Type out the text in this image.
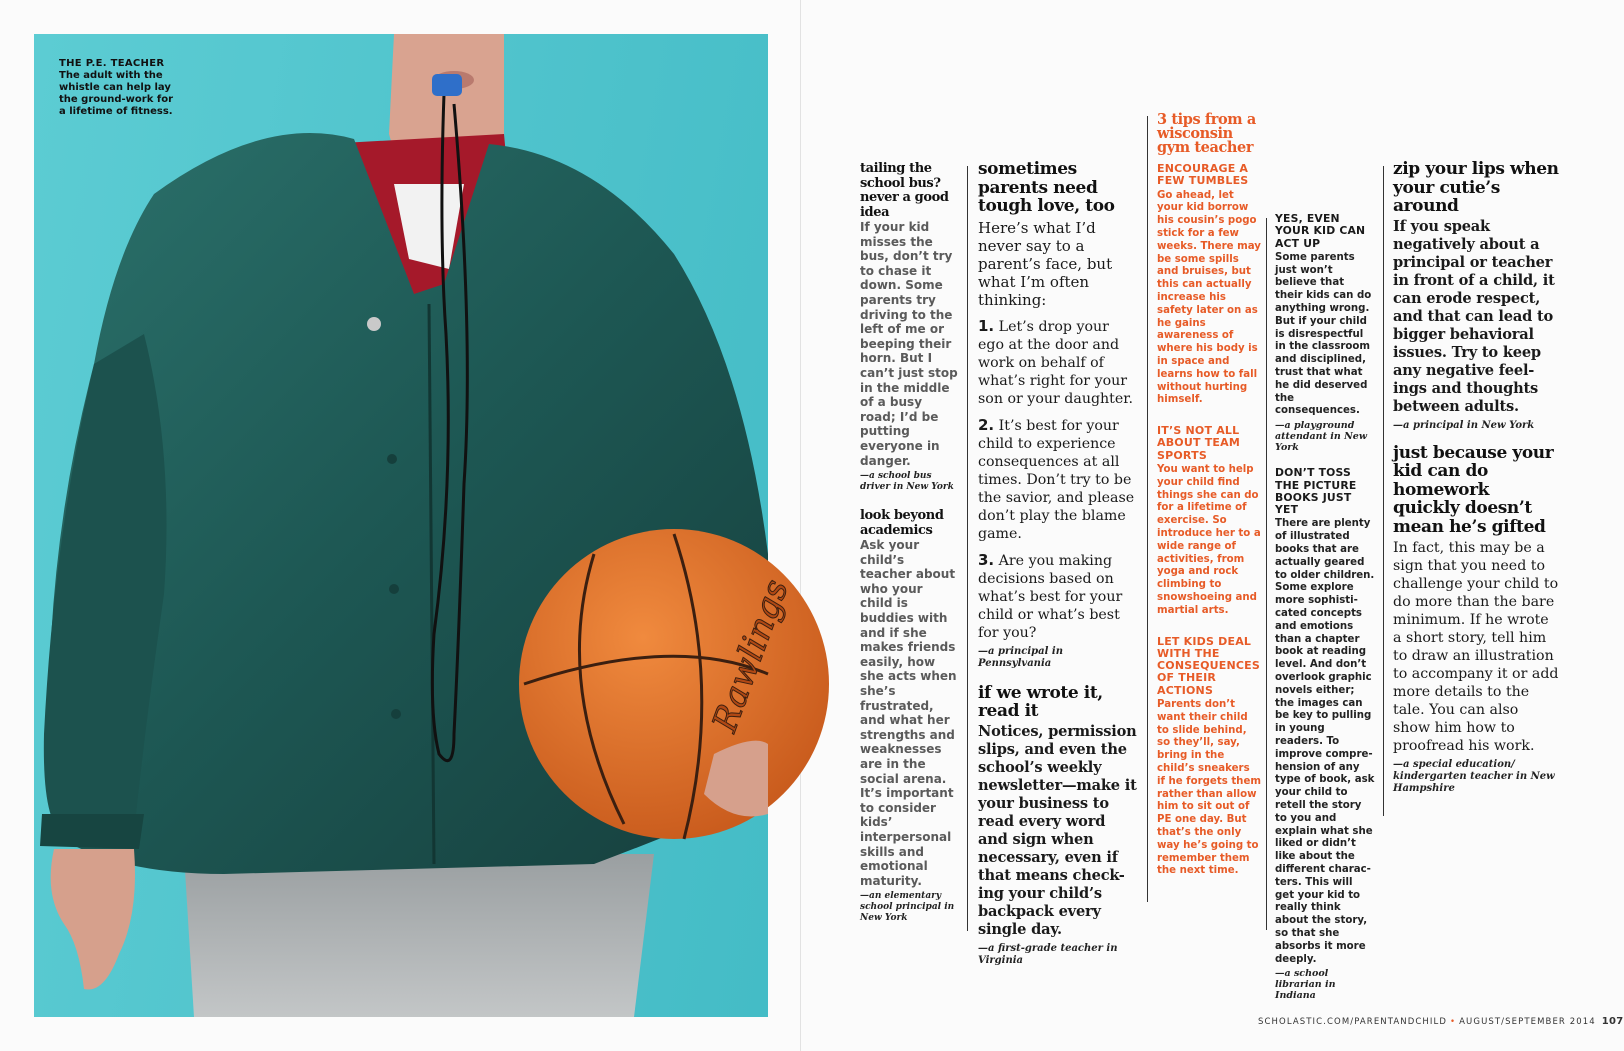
Rawlings
THE P.E. TEACHER
The adult with the whistle can help lay the ground-work for a lifetime of fitness.

tailing the school bus? never a good idea

If your kid misses the bus, don’t try to chase it down. Some parents try driving to the left of me or beeping their horn. But I can’t just stop in the middle of a busy road; I’d be putting everyone in danger.

—a school bus driver in New York

look beyond academics

Ask your child’s teacher about who your child is buddies with and if she makes friends easily, how she acts when she’s frustrated, and what her strengths and weaknesses are in the social arena. It’s important to consider kids’ interpersonal skills and emotional maturity.

—an elementary school principal in New York

sometimes parents need tough love, too

Here’s what I’d never say to a parent’s face, but what I’m often thinking:

1. Let’s drop your ego at the door and work on behalf of what’s right for your son or your daughter.

2. It’s best for your child to experience consequences at all times. Don’t try to be the savior, and please don’t play the blame game.

3. Are you making decisions based on what’s best for your child or what’s best for you?

—a principal in Pennsylvania

if we wrote it, read it

Notices, permission slips, and even the school’s weekly newsletter—make it your business to read every word and sign when necessary, even if that means check-ing your child’s backpack every single day.

—a first-grade teacher in Virginia

3 tips from a wisconsin gym teacher

ENCOURAGE A FEW TUMBLES

Go ahead, let your kid borrow his cousin’s pogo stick for a few weeks. There may be some spills and bruises, but this can actually increase his safety later on as he gains awareness of where his body is in space and learns how to fall without hurting himself.

IT’S NOT ALL ABOUT TEAM SPORTS

You want to help your child find things she can do for a lifetime of exercise. So introduce her to a wide range of activities, from yoga and rock climbing to snowshoeing and martial arts.

LET KIDS DEAL WITH THE CONSEQUENCES OF THEIR ACTIONS

Parents don’t want their child to slide behind, so they’ll, say, bring in the child’s sneakers if he forgets them rather than allow him to sit out of PE one day. But that’s the only way he’s going to remember them the next time.

YES, EVEN YOUR KID CAN ACT UP

Some parents just won’t believe that their kids can do anything wrong. But if your child is disrespectful in the classroom and disciplined, trust that what he did deserved the consequences.

—a playground attendant in New York

DON’T TOSS THE PICTURE BOOKS JUST YET

There are plenty of illustrated books that are actually geared to older children. Some explore more sophisti-cated concepts and emotions than a chapter book at reading level. And don’t overlook graphic novels either; the images can be key to pulling in young readers. To improve compre-hension of any type of book, ask your child to retell the story to you and explain what she liked or didn’t like about the different charac-ters. This will get your kid to really think about the story, so that she absorbs it more deeply.

—a school librarian in Indiana

zip your lips when your cutie’s around

If you speak negatively about a principal or teacher in front of a child, it can erode respect, and that can lead to bigger behavioral issues. Try to keep any negative feel-ings and thoughts between adults.

—a principal in New York

just because your kid can do homework quickly doesn’t mean he’s gifted

In fact, this may be a sign that you need to challenge your child to do more than the bare minimum. If he wrote a short story, tell him to draw an illustration to accompany it or add more details to the tale. You can also show him how to proofread his work.

—a special education/ kindergarten teacher in New Hampshire

SCHOLASTIC.COM/PARENTANDCHILD • AUGUST/SEPTEMBER 2014 107
